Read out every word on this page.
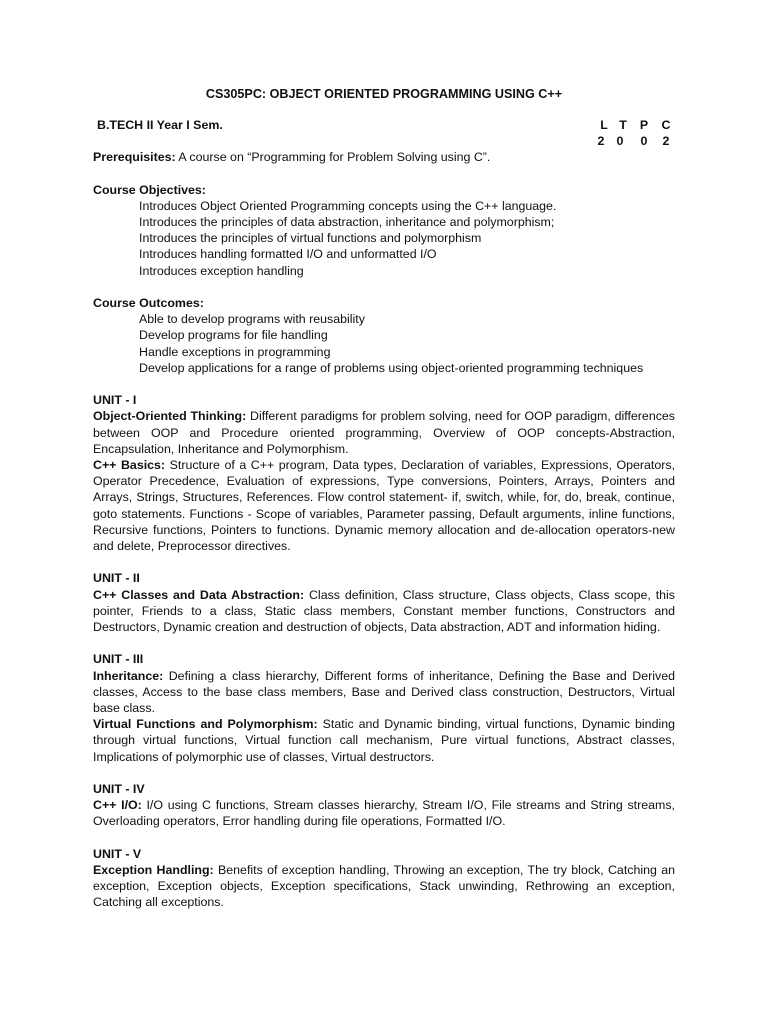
CS305PC: OBJECT ORIENTED PROGRAMMING USING C++
B.TECH II Year I Sem.	L T	P	C
2 0	0	2

Prerequisites: A course on “Programming for Problem Solving using C”.

Course Objectives:

Introduces Object Oriented Programming concepts using the C++ language.
Introduces the principles of data abstraction, inheritance and polymorphism;
Introduces the principles of virtual functions and polymorphism
Introduces handling formatted I/O and unformatted I/O
Introduces exception handling

Course Outcomes:

Able to develop programs with reusability
Develop programs for file handling
Handle exceptions in programming
Develop applications for a range of problems using object-oriented programming techniques

UNIT - I

Object-Oriented Thinking: Different paradigms for problem solving, need for OOP paradigm, differences between OOP and Procedure oriented programming, Overview of OOP concepts-Abstraction, Encapsulation, Inheritance and Polymorphism.

C++ Basics: Structure of a C++ program, Data types, Declaration of variables, Expressions, Operators, Operator Precedence, Evaluation of expressions, Type conversions, Pointers, Arrays, Pointers and Arrays, Strings, Structures, References. Flow control statement- if, switch, while, for, do, break, continue, goto statements. Functions - Scope of variables, Parameter passing, Default arguments, inline functions, Recursive functions, Pointers to functions. Dynamic memory allocation and de-allocation operators-new and delete, Preprocessor directives.

UNIT - II

C++ Classes and Data Abstraction: Class definition, Class structure, Class objects, Class scope, this pointer, Friends to a class, Static class members, Constant member functions, Constructors and Destructors, Dynamic creation and destruction of objects, Data abstraction, ADT and information hiding.

UNIT - III

Inheritance: Defining a class hierarchy, Different forms of inheritance, Defining the Base and Derived classes, Access to the base class members, Base and Derived class construction, Destructors, Virtual base class.

Virtual Functions and Polymorphism: Static and Dynamic binding, virtual functions, Dynamic binding through virtual functions, Virtual function call mechanism, Pure virtual functions, Abstract classes, Implications of polymorphic use of classes, Virtual destructors.

UNIT - IV

C++ I/O: I/O using C functions, Stream classes hierarchy, Stream I/O, File streams and String streams, Overloading operators, Error handling during file operations, Formatted I/O.

UNIT - V

Exception Handling: Benefits of exception handling, Throwing an exception, The try block, Catching an exception, Exception objects, Exception specifications, Stack unwinding, Rethrowing an exception, Catching all exceptions.
